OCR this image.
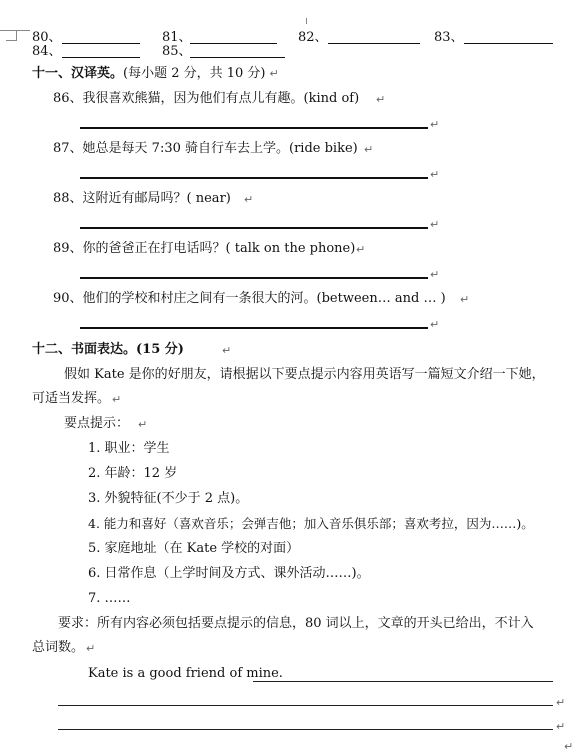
80、	81、	82、	83、
84、	85、
十一、汉译英。(每小题 2 分，共 10 分) ↵
86、我很喜欢熊猫，因为他们有点儿有趣。(kind of) ↵
↵
87、她总是每天 7:30 骑自行车去上学。(ride bike) ↵
↵
88、这附近有邮局吗？( near) ↵
↵
89、你的爸爸正在打电话吗？( talk on the phone) ↵
↵
90、他们的学校和村庄之间有一条很大的河。(between… and … ) ↵
↵
十二、书面表达。(15 分)	↵
假如 Kate 是你的好朋友，请根据以下要点提示内容用英语写一篇短文介绍一下她，
可适当发挥。 ↵
要点提示： ↵
1. 职业：学生
2. 年龄：12 岁
3. 外貌特征(不少于 2 点)。
4. 能力和喜好（喜欢音乐；会弹吉他；加入音乐俱乐部；喜欢考拉，因为……)。
5. 家庭地址（在 Kate 学校的对面）
6. 日常作息（上学时间及方式、课外活动……)。
7. ……
要求：所有内容必须包括要点提示的信息，80 词以上，文章的开头已给出，不计入
总词数。 ↵
Kate is a good friend of mine.
↵
↵
↵
